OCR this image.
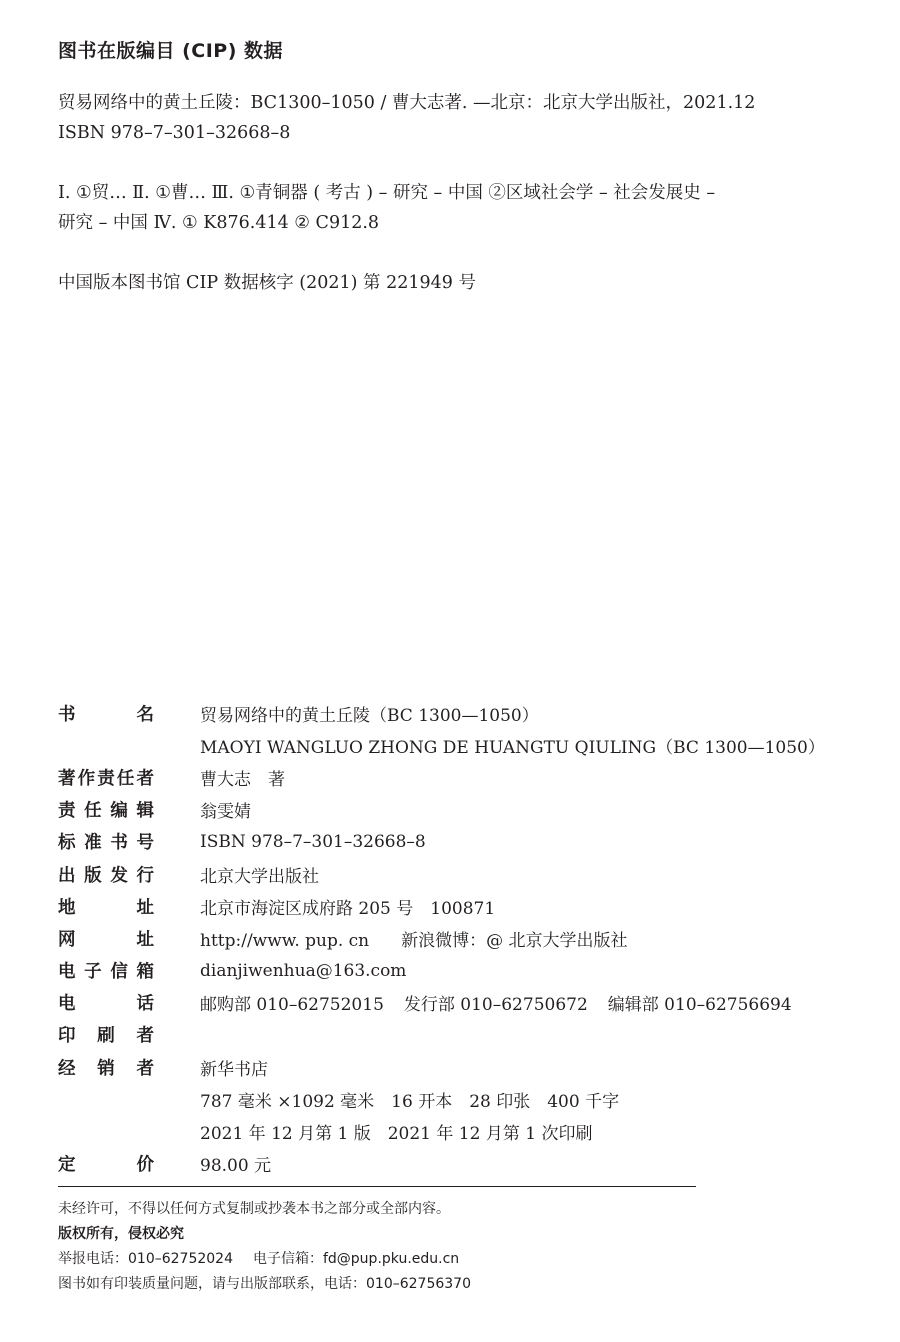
图书在版编目 (CIP) 数据

贸易网络中的黄土丘陵：BC1300–1050 / 曹大志著. —北京：北京大学出版社，2021.12

ISBN 978–7–301–32668–8

Ⅰ. ①贸… Ⅱ. ①曹… Ⅲ. ①青铜器 ( 考古 ) – 研究 – 中国 ②区域社会学 – 社会发展史 –

研究 – 中国 Ⅳ. ① K876.414 ② C912.8

中国版本图书馆 CIP 数据核字 (2021) 第 221949 号

书	名	贸易网络中的黄土丘陵（BC 1300—1050）
MAOYI WANGLUO ZHONG DE HUANGTU QIULING（BC 1300—1050）
著 作 责 任 者	曹大志　著
责 任 编 辑	翁雯婧
标 准 书 号	ISBN 978–7–301–32668–8
出 版 发 行	北京大学出版社
地	址	北京市海淀区成府路 205 号　100871
网	址	http://www. pup. cn 新浪微博：@ 北京大学出版社
电 子 信 箱	dianjiwenhua@163.com
电	话	邮购部 010–62752015 发行部 010–62750672 编辑部 010–62756694
印 刷 者
经 销 者	新华书店
787 毫米 ×1092 毫米　16 开本　28 印张　400 千字
2021 年 12 月第 1 版　2021 年 12 月第 1 次印刷
定	价	98.00 元

未经许可，不得以任何方式复制或抄袭本书之部分或全部内容。

版权所有，侵权必究

举报电话：010–62752024 电子信箱：fd@pup.pku.edu.cn

图书如有印装质量问题，请与出版部联系，电话：010–62756370
